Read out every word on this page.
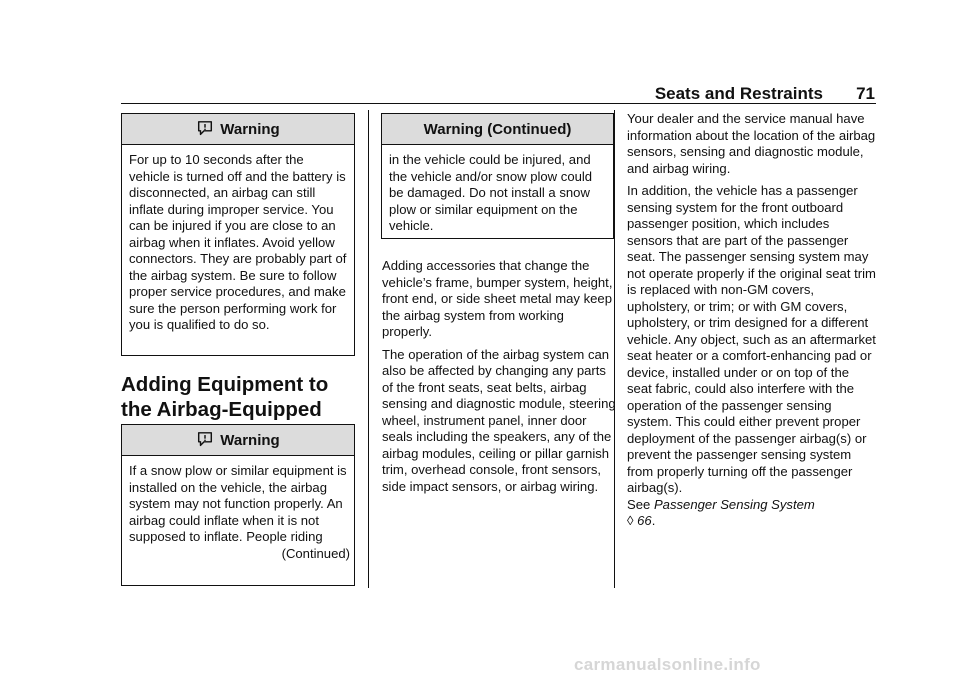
Seats and Restraints 71
Warning
For up to 10 seconds after the vehicle is turned off and the battery is disconnected, an airbag can still inflate during improper service. You can be injured if you are close to an airbag when it inflates. Avoid yellow connectors. They are probably part of the airbag system. Be sure to follow proper service procedures, and make sure the person performing work for you is qualified to do so.
Adding Equipment to the Airbag-Equipped
Warning
If a snow plow or similar equipment is installed on the vehicle, the airbag system may not function properly. An airbag could inflate when it is not supposed to inflate. People riding
(Continued)
Warning (Continued)
in the vehicle could be injured, and the vehicle and/or snow plow could be damaged. Do not install a snow plow or similar equipment on the vehicle.

Adding accessories that change the vehicle’s frame, bumper system, height, front end, or side sheet metal may keep the airbag system from working properly.

The operation of the airbag system can also be affected by changing any parts of the front seats, seat belts, airbag sensing and diagnostic module, steering wheel, instrument panel, inner door seals including the speakers, any of the airbag modules, ceiling or pillar garnish trim, overhead console, front sensors, side impact sensors, or airbag wiring.

Your dealer and the service manual have information about the location of the airbag sensors, sensing and diagnostic module, and airbag wiring.

In addition, the vehicle has a passenger sensing system for the front outboard passenger position, which includes sensors that are part of the passenger seat. The passenger sensing system may not operate properly if the original seat trim is replaced with non-GM covers, upholstery, or trim; or with GM covers, upholstery, or trim designed for a different vehicle. Any object, such as an aftermarket seat heater or a comfort-enhancing pad or device, installed under or on top of the seat fabric, could also interfere with the operation of the passenger sensing system. This could either prevent proper deployment of the passenger airbag(s) or prevent the passenger sensing system from properly turning off the passenger airbag(s).

See Passenger Sensing System
◊ 66.
carmanualsonline.info
